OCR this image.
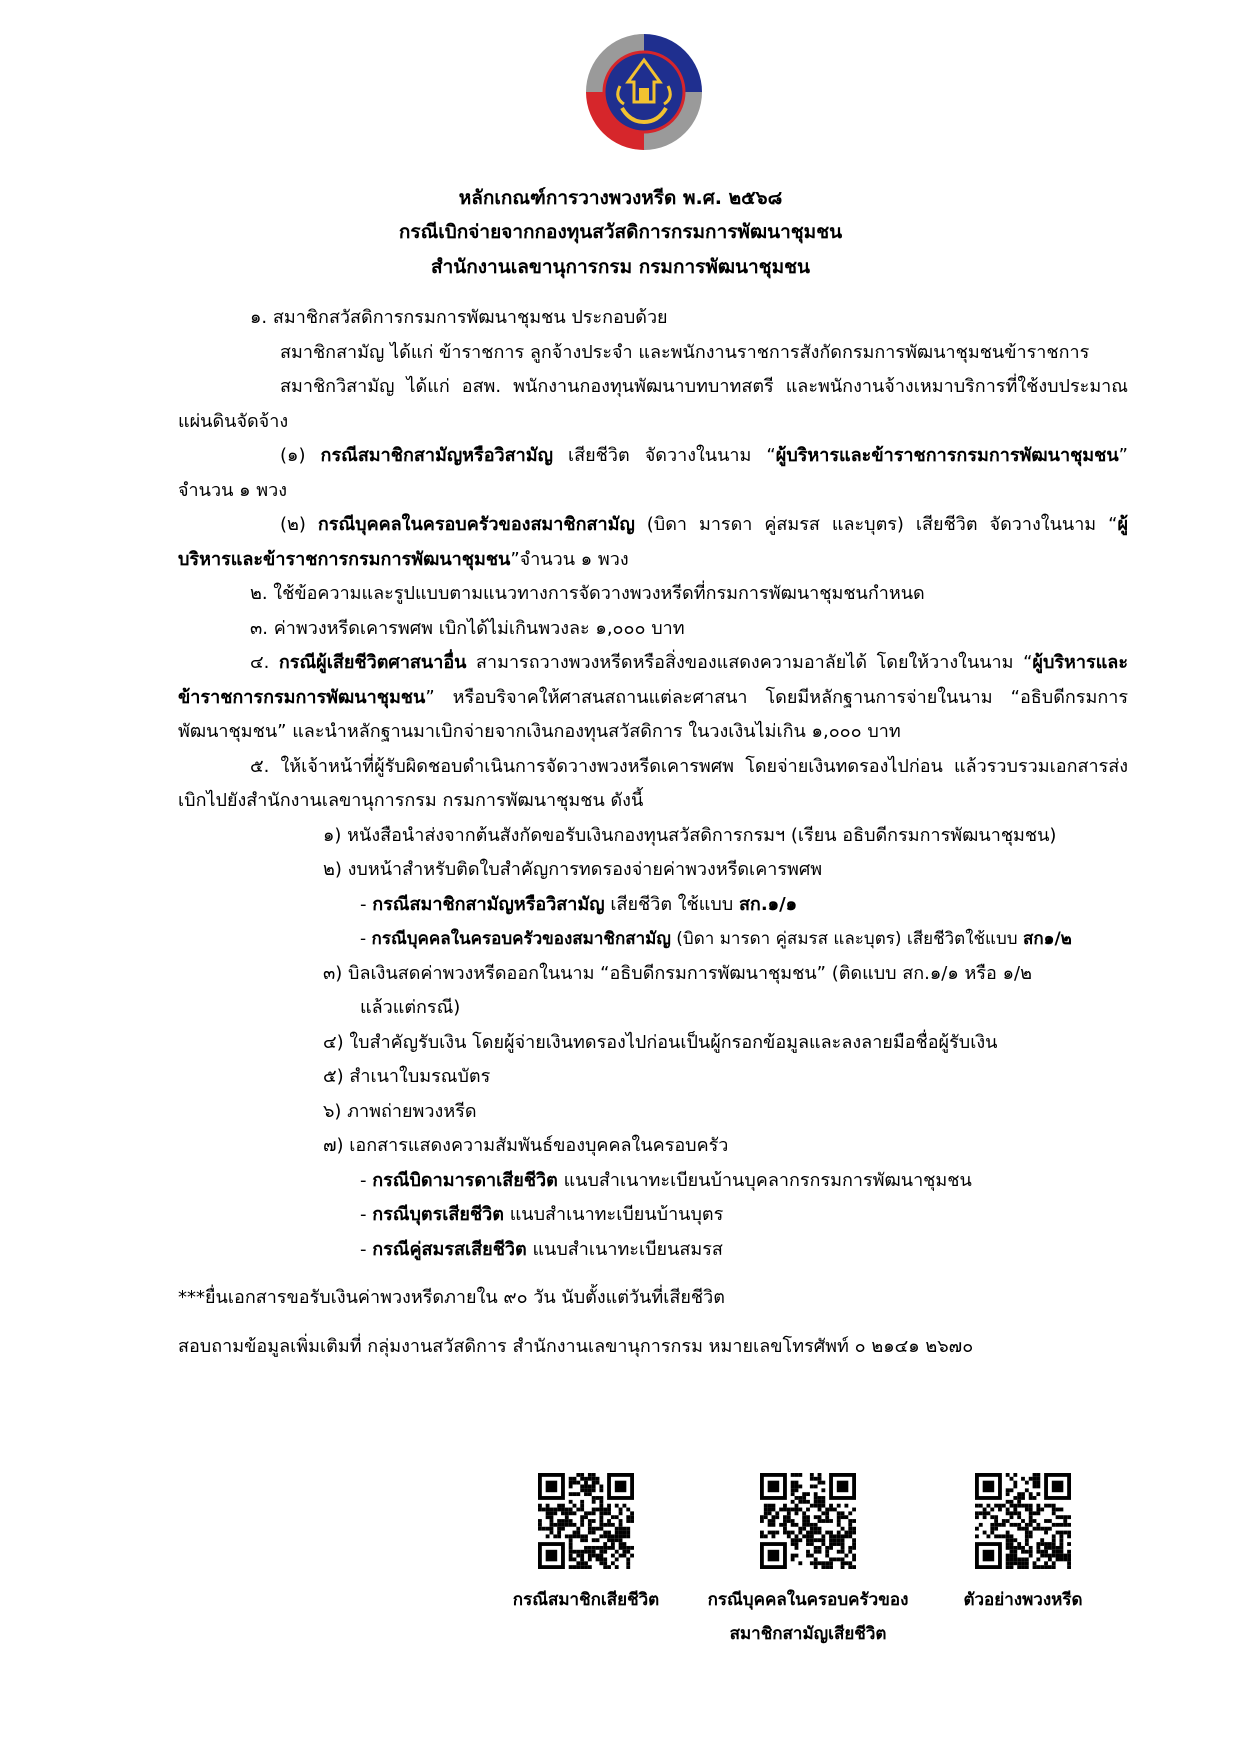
หลักเกณฑ์การวางพวงหรีด พ.ศ. ๒๕๖๘
กรณีเบิกจ่ายจากกองทุนสวัสดิการกรมการพัฒนาชุมชน
สำนักงานเลขานุการกรม กรมการพัฒนาชุมชน

๑. สมาชิกสวัสดิการกรมการพัฒนาชุมชน ประกอบด้วย

สมาชิกสามัญ ได้แก่ ข้าราชการ ลูกจ้างประจำ และพนักงานราชการสังกัดกรมการพัฒนาชุมชนข้าราชการ

สมาชิกวิสามัญ ได้แก่ อสพ. พนักงานกองทุนพัฒนาบทบาทสตรี และพนักงานจ้างเหมาบริการที่ใช้งบประมาณแผ่นดินจัดจ้าง

(๑) กรณีสมาชิกสามัญหรือวิสามัญ เสียชีวิต จัดวางในนาม “ผู้บริหารและข้าราชการกรมการพัฒนาชุมชน” จำนวน ๑ พวง

(๒) กรณีบุคคลในครอบครัวของสมาชิกสามัญ (บิดา มารดา คู่สมรส และบุตร) เสียชีวิต จัดวางในนาม “ผู้บริหารและข้าราชการกรมการพัฒนาชุมชน”จำนวน ๑ พวง

๒. ใช้ข้อความและรูปแบบตามแนวทางการจัดวางพวงหรีดที่กรมการพัฒนาชุมชนกำหนด

๓. ค่าพวงหรีดเคารพศพ เบิกได้ไม่เกินพวงละ ๑,๐๐๐ บาท

๔. กรณีผู้เสียชีวิตศาสนาอื่น สามารถวางพวงหรีดหรือสิ่งของแสดงความอาลัยได้ โดยให้วางในนาม “ผู้บริหารและข้าราชการกรมการพัฒนาชุมชน” หรือบริจาคให้ศาสนสถานแต่ละศาสนา โดยมีหลักฐานการจ่ายในนาม “อธิบดีกรมการพัฒนาชุมชน” และนำหลักฐานมาเบิกจ่ายจากเงินกองทุนสวัสดิการ ในวงเงินไม่เกิน ๑,๐๐๐ บาท

๕. ให้เจ้าหน้าที่ผู้รับผิดชอบดำเนินการจัดวางพวงหรีดเคารพศพ โดยจ่ายเงินทดรองไปก่อน แล้วรวบรวมเอกสารส่งเบิกไปยังสำนักงานเลขานุการกรม กรมการพัฒนาชุมชน ดังนี้

๑) หนังสือนำส่งจากต้นสังกัดขอรับเงินกองทุนสวัสดิการกรมฯ (เรียน อธิบดีกรมการพัฒนาชุมชน)

๒) งบหน้าสำหรับติดใบสำคัญการทดรองจ่ายค่าพวงหรีดเคารพศพ

- กรณีสมาชิกสามัญหรือวิสามัญ เสียชีวิต ใช้แบบ สก.๑/๑

- กรณีบุคคลในครอบครัวของสมาชิกสามัญ (บิดา มารดา คู่สมรส และบุตร) เสียชีวิตใช้แบบ สก๑/๒

๓) บิลเงินสดค่าพวงหรีดออกในนาม “อธิบดีกรมการพัฒนาชุมชน” (ติดแบบ สก.๑/๑ หรือ ๑/๒ แล้วแต่กรณี)

๔) ใบสำคัญรับเงิน โดยผู้จ่ายเงินทดรองไปก่อนเป็นผู้กรอกข้อมูลและลงลายมือชื่อผู้รับเงิน

๕) สำเนาใบมรณบัตร

๖) ภาพถ่ายพวงหรีด

๗) เอกสารแสดงความสัมพันธ์ของบุคคลในครอบครัว

- กรณีบิดามารดาเสียชีวิต แนบสำเนาทะเบียนบ้านบุคลากรกรมการพัฒนาชุมชน

- กรณีบุตรเสียชีวิต แนบสำเนาทะเบียนบ้านบุตร

- กรณีคู่สมรสเสียชีวิต แนบสำเนาทะเบียนสมรส

***ยื่นเอกสารขอรับเงินค่าพวงหรีดภายใน ๙๐ วัน นับตั้งแต่วันที่เสียชีวิต

สอบถามข้อมูลเพิ่มเติมที่ กลุ่มงานสวัสดิการ สำนักงานเลขานุการกรม หมายเลขโทรศัพท์ ๐ ๒๑๔๑ ๒๖๗๐

กรณีสมาชิกเสียชีวิต	กรณีบุคคลในครอบครัวของ
สมาชิกสามัญเสียชีวิต
ตัวอย่างพวงหรีด
